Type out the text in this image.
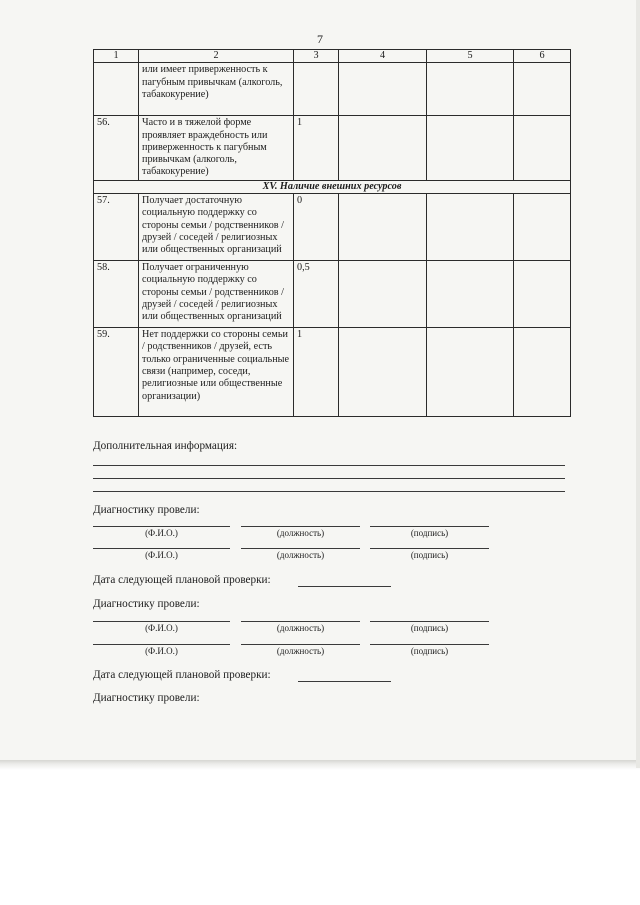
7
1	2	3	4	5	6
	или имеет приверженность к пагубным привычкам (алкоголь, табакокурение)				
56.	Часто и в тяжелой форме проявляет враждебность или приверженность к пагубным привычкам (алкоголь, табакокурение)	1			
XV. Наличие внешних ресурсов					
57.	Получает достаточную социальную поддержку со стороны семьи / родственников / друзей / соседей / религиозных или общественных организаций	0			
58.	Получает ограниченную социальную поддержку со стороны семьи / родственников / друзей / соседей / религиозных или общественных организаций	0,5			
59.	Нет поддержки со стороны семьи / родственников / друзей, есть только ограниченные социальные связи (например, соседи, религиозные или общественные организации)	1			
Дополнительная информация:
Диагностику провели:
(Ф.И.О.)	(должность)	(подпись)
(Ф.И.О.)	(должность)	(подпись)
Дата следующей плановой проверки:
Диагностику провели:
(Ф.И.О.)	(должность)	(подпись)
(Ф.И.О.)	(должность)	(подпись)
Дата следующей плановой проверки:
Диагностику провели:
